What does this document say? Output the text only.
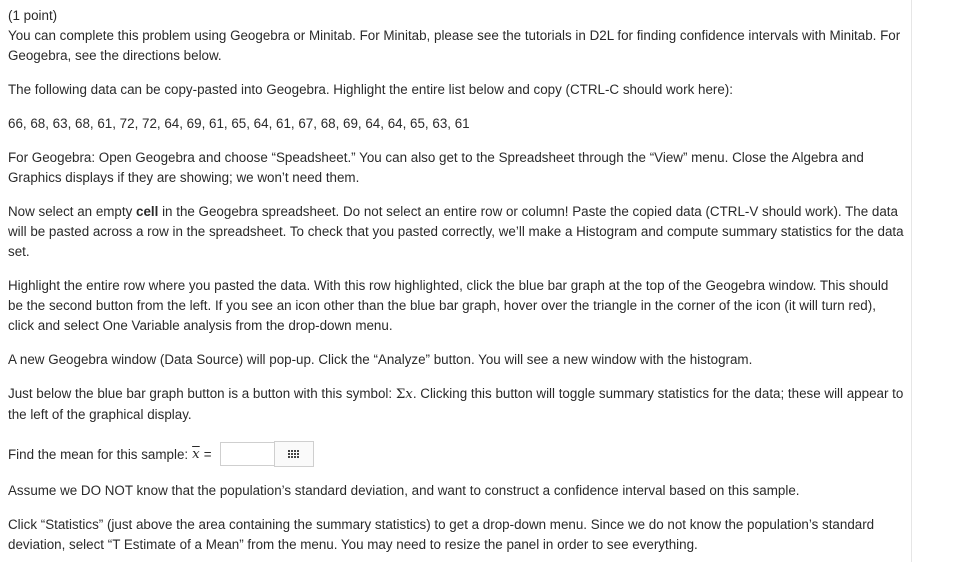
(1 point)

You can complete this problem using Geogebra or Minitab. For Minitab, please see the tutorials in D2L for finding confidence intervals with Minitab. For Geogebra, see the directions below.

The following data can be copy-pasted into Geogebra. Highlight the entire list below and copy (CTRL-C should work here):

66, 68, 63, 68, 61, 72, 72, 64, 69, 61, 65, 64, 61, 67, 68, 69, 64, 64, 65, 63, 61

For Geogebra: Open Geogebra and choose “Speadsheet.” You can also get to the Spreadsheet through the “View” menu. Close the Algebra and Graphics displays if they are showing; we won’t need them.

Now select an empty cell in the Geogebra spreadsheet. Do not select an entire row or column! Paste the copied data (CTRL-V should work). The data will be pasted across a row in the spreadsheet. To check that you pasted correctly, we’ll make a Histogram and compute summary statistics for the data set.

Highlight the entire row where you pasted the data. With this row highlighted, click the blue bar graph at the top of the Geogebra window. This should be the second button from the left. If you see an icon other than the blue bar graph, hover over the triangle in the corner of the icon (it will turn red), click and select One Variable analysis from the drop-down menu.

A new Geogebra window (Data Source) will pop-up. Click the “Analyze” button. You will see a new window with the histogram.

Just below the blue bar graph button is a button with this symbol: Σx. Clicking this button will toggle summary statistics for the data; these will appear to the left of the graphical display.

Find the mean for this sample: $\overline{x}$ =

Assume we DO NOT know that the population’s standard deviation, and want to construct a confidence interval based on this sample.

Click “Statistics” (just above the area containing the summary statistics) to get a drop-down menu. Since we do not know the population’s standard deviation, select “T Estimate of a Mean” from the menu. You may need to resize the panel in order to see everything.
